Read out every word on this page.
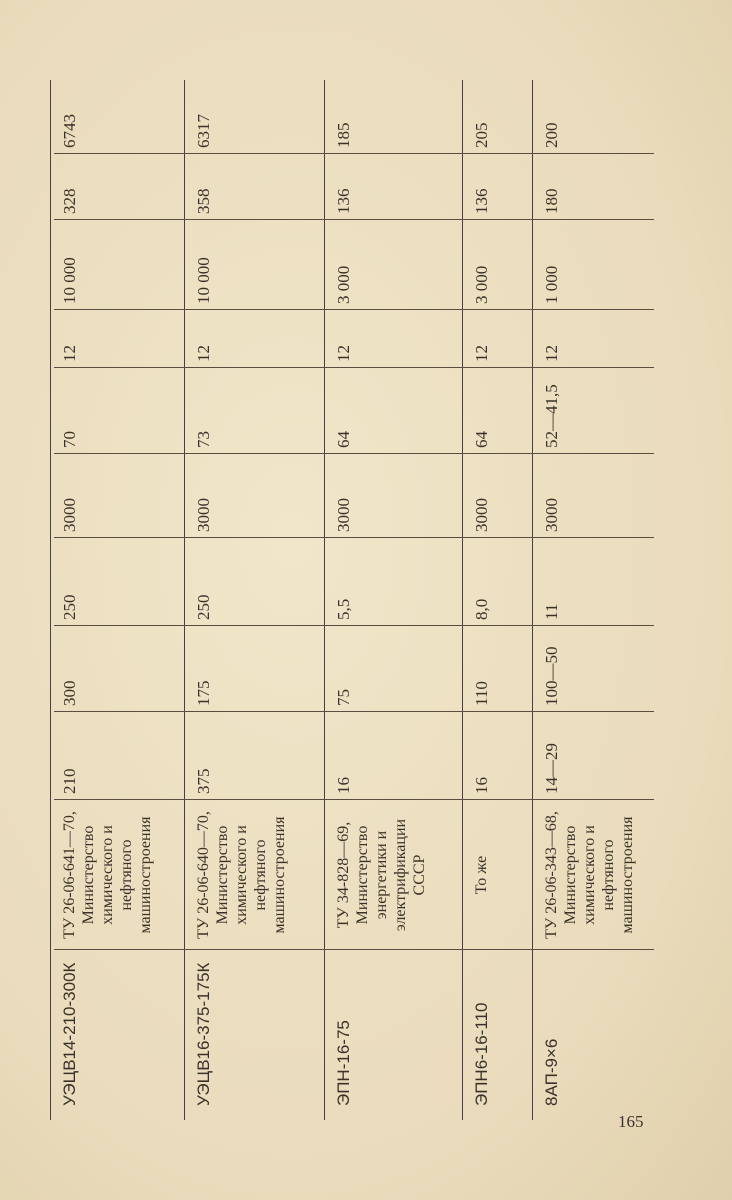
УЭЦВ14-210-300К
ТУ 26-06-641—70, Министерство химического и нефтяного машиностроения
210
300
250
3000
70
12
10 000
328
6743
УЭЦВ16-375-175К
ТУ 26-06-640—70, Министерство химического и нефтяного машиностроения
375
175
250
3000
73
12
10 000
358
6317
ЭПН-16-75
ТУ 34-828—69, Министерство энергетики и электрификации СССР
16
75
5,5
3000
64
12
3 000
136
185
ЭПН6-16-110
То же
16
110
8,0
3000
64
12
3 000
136
205
8АП-9×6
ТУ 26-06-343—68, Министерство химического и нефтяного машиностроения
14—29
100—50
11
3000
52—41,5
12
1 000
180
200
165
